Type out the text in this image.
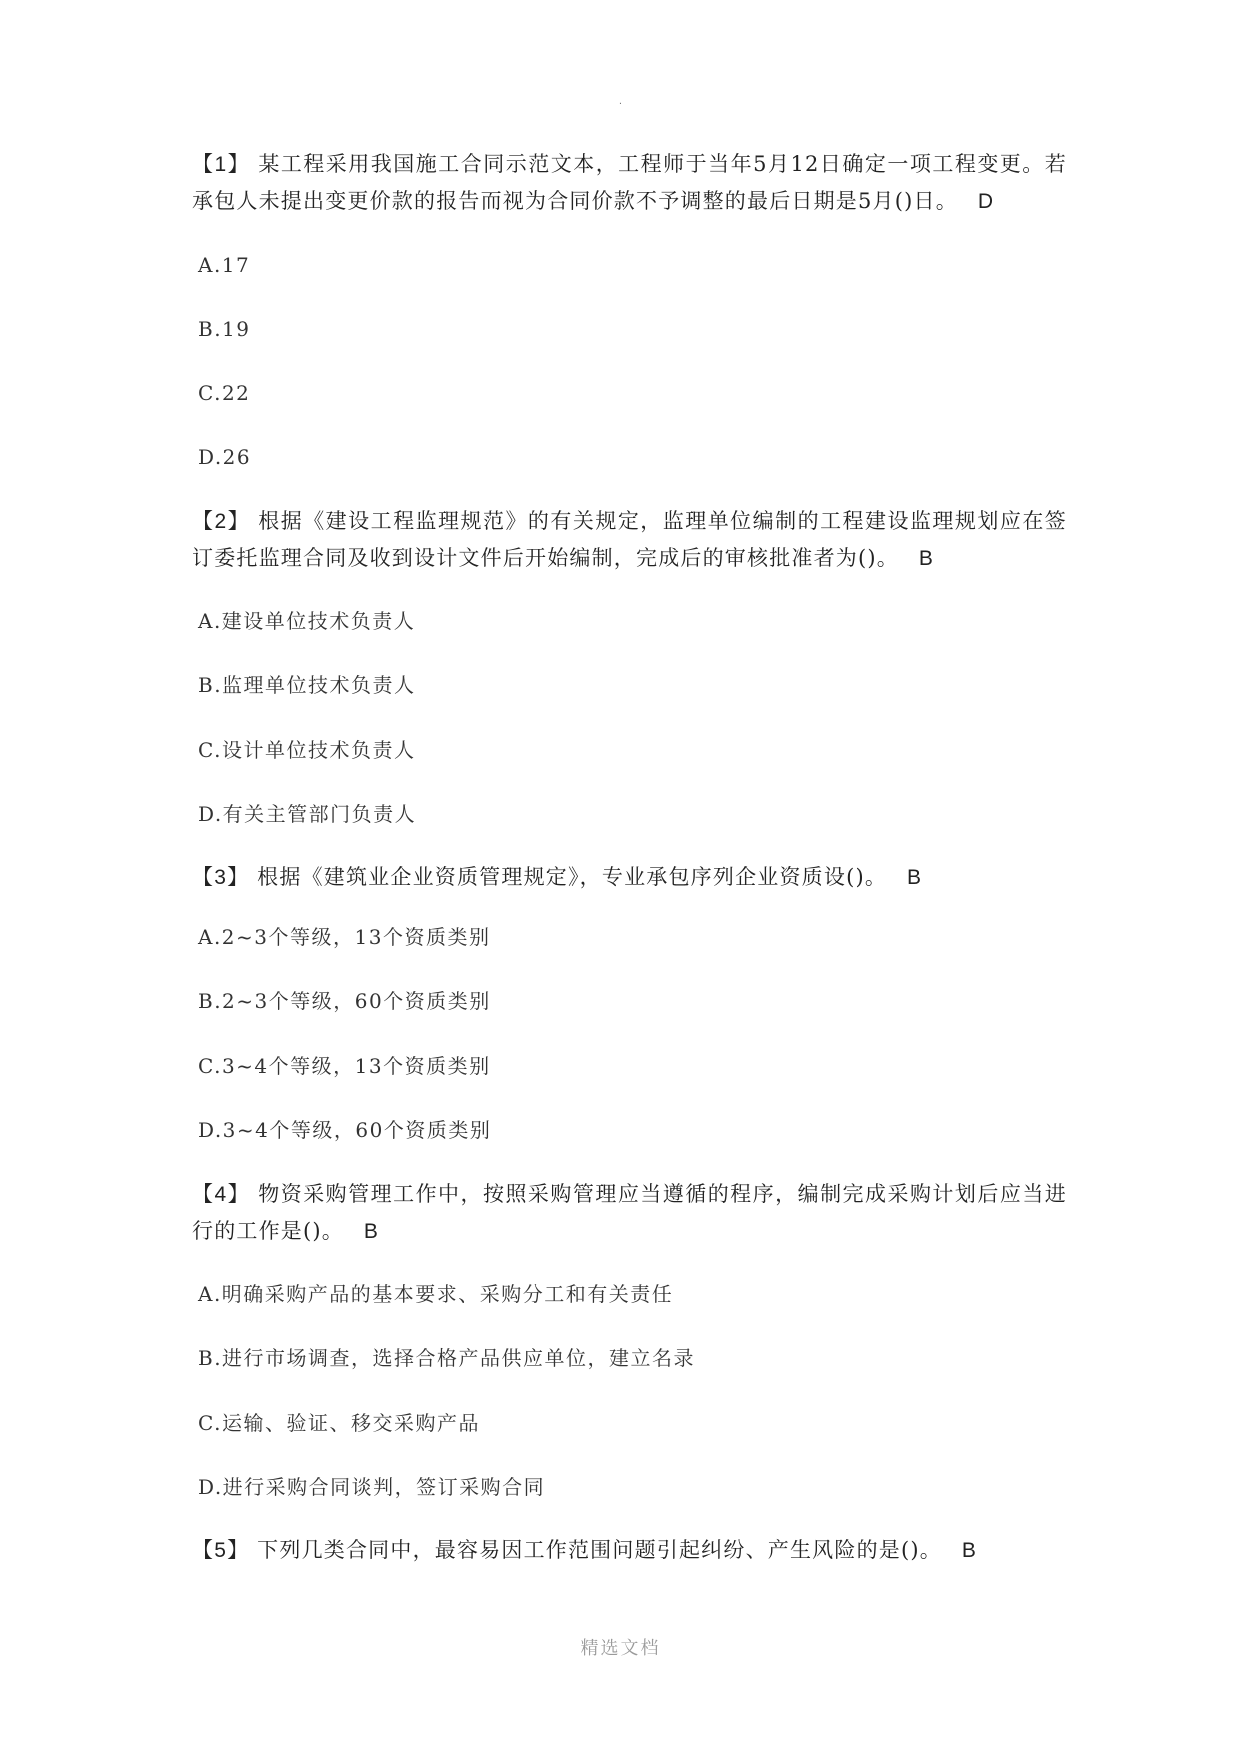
.
【1】 某工程采用我国施工合同示范文本，工程师于当年5月12日确定一项工程变更。若承包人未提出变更价款的报告而视为合同价款不予调整的最后日期是5月()日。 D
A.17
B.19
C.22
D.26
【2】 根据《建设工程监理规范》的有关规定，监理单位编制的工程建设监理规划应在签订委托监理合同及收到设计文件后开始编制，完成后的审核批准者为()。 B
A.建设单位技术负责人
B.监理单位技术负责人
C.设计单位技术负责人
D.有关主管部门负责人
【3】 根据《建筑业企业资质管理规定》，专业承包序列企业资质设()。 B
A.2~3个等级，13个资质类别
B.2~3个等级，60个资质类别
C.3~4个等级，13个资质类别
D.3~4个等级，60个资质类别
【4】 物资采购管理工作中，按照采购管理应当遵循的程序，编制完成采购计划后应当进行的工作是()。 B
A.明确采购产品的基本要求、采购分工和有关责任
B.进行市场调查，选择合格产品供应单位，建立名录
C.运输、验证、移交采购产品
D.进行采购合同谈判，签订采购合同
【5】 下列几类合同中，最容易因工作范围问题引起纠纷、产生风险的是()。 B
精选文档
